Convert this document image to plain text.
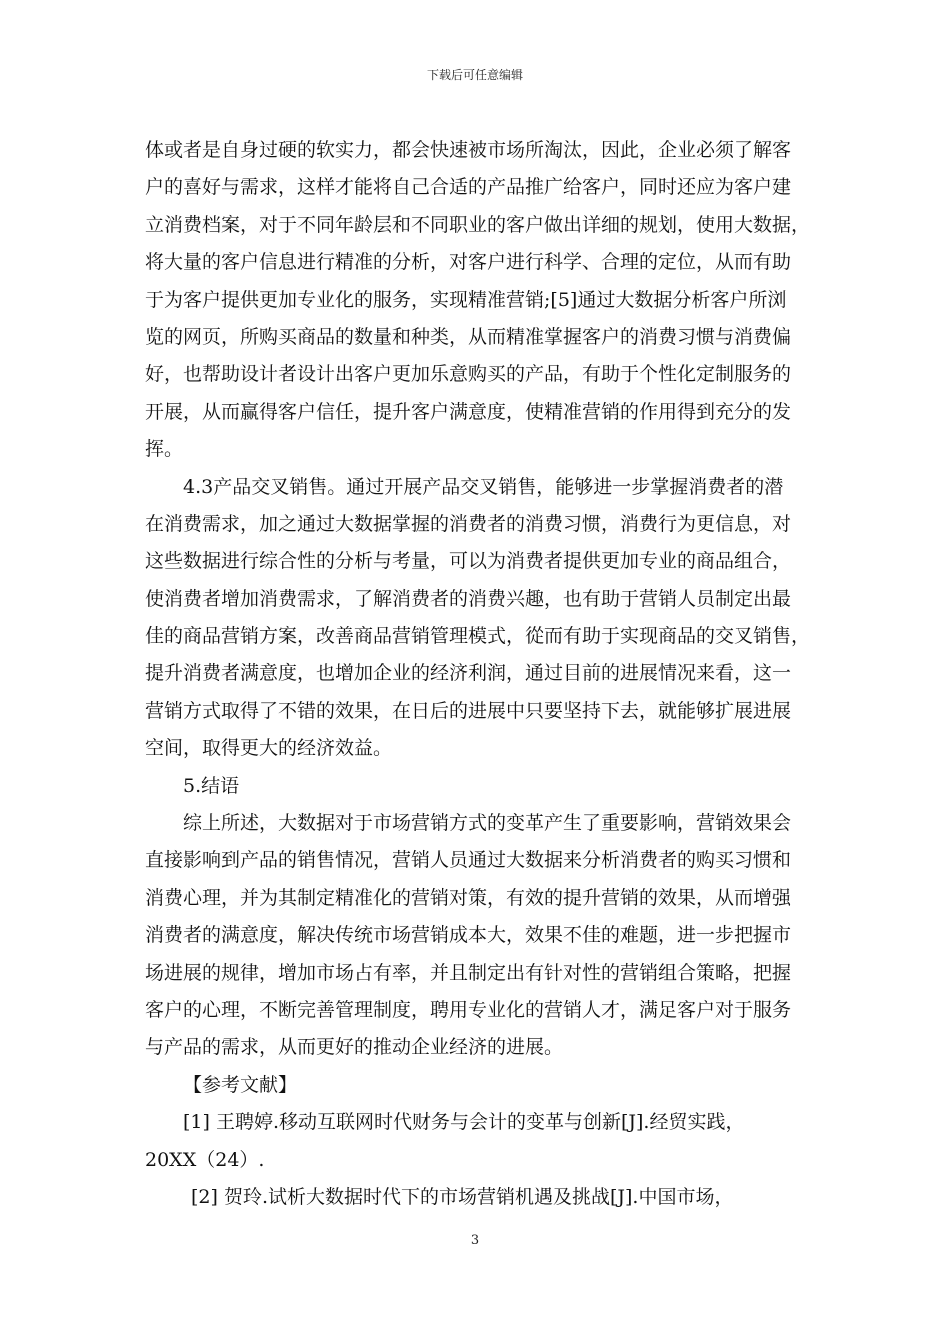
下载后可任意编辑
体或者是自身过硬的软实力，都会快速被市场所淘汰，因此，企业必须了解客
户的喜好与需求，这样才能将自己合适的产品推广给客户，同时还应为客户建
立消费档案，对于不同年龄层和不同职业的客户做出详细的规划，使用大数据，
将大量的客户信息进行精准的分析，对客户进行科学、合理的定位，从而有助
于为客户提供更加专业化的服务，实现精准营销;[5]通过大数据分析客户所浏
览的网页，所购买商品的数量和种类，从而精准掌握客户的消费习惯与消费偏
好，也帮助设计者设计出客户更加乐意购买的产品，有助于个性化定制服务的
开展，从而赢得客户信任，提升客户满意度，使精准营销的作用得到充分的发
挥。
4.3产品交叉销售。通过开展产品交叉销售，能够进一步掌握消费者的潜
在消费需求，加之通过大数据掌握的消费者的消费习惯，消费行为更信息，对
这些数据进行综合性的分析与考量，可以为消费者提供更加专业的商品组合，
使消费者增加消费需求，了解消费者的消费兴趣，也有助于营销人员制定出最
佳的商品营销方案，改善商品营销管理模式，從而有助于实现商品的交叉销售，
提升消费者满意度，也增加企业的经济利润，通过目前的进展情况来看，这一
营销方式取得了不错的效果，在日后的进展中只要坚持下去，就能够扩展进展
空间，取得更大的经济效益。
5.结语
综上所述，大数据对于市场营销方式的变革产生了重要影响，营销效果会
直接影响到产品的销售情况，营销人员通过大数据来分析消费者的购买习惯和
消费心理，并为其制定精准化的营销对策，有效的提升营销的效果，从而增强
消费者的满意度，解决传统市场营销成本大，效果不佳的难题，进一步把握市
场进展的规律，增加市场占有率，并且制定出有针对性的营销组合策略，把握
客户的心理，不断完善管理制度，聘用专业化的营销人才，满足客户对于服务
与产品的需求，从而更好的推动企业经济的进展。
【参考文献】
[1] 王聘婷.移动互联网时代财务与会计的变革与创新[J].经贸实践，
20XX（24）.
[2] 贺玲.试析大数据时代下的市场营销机遇及挑战[J].中国市场，
3
